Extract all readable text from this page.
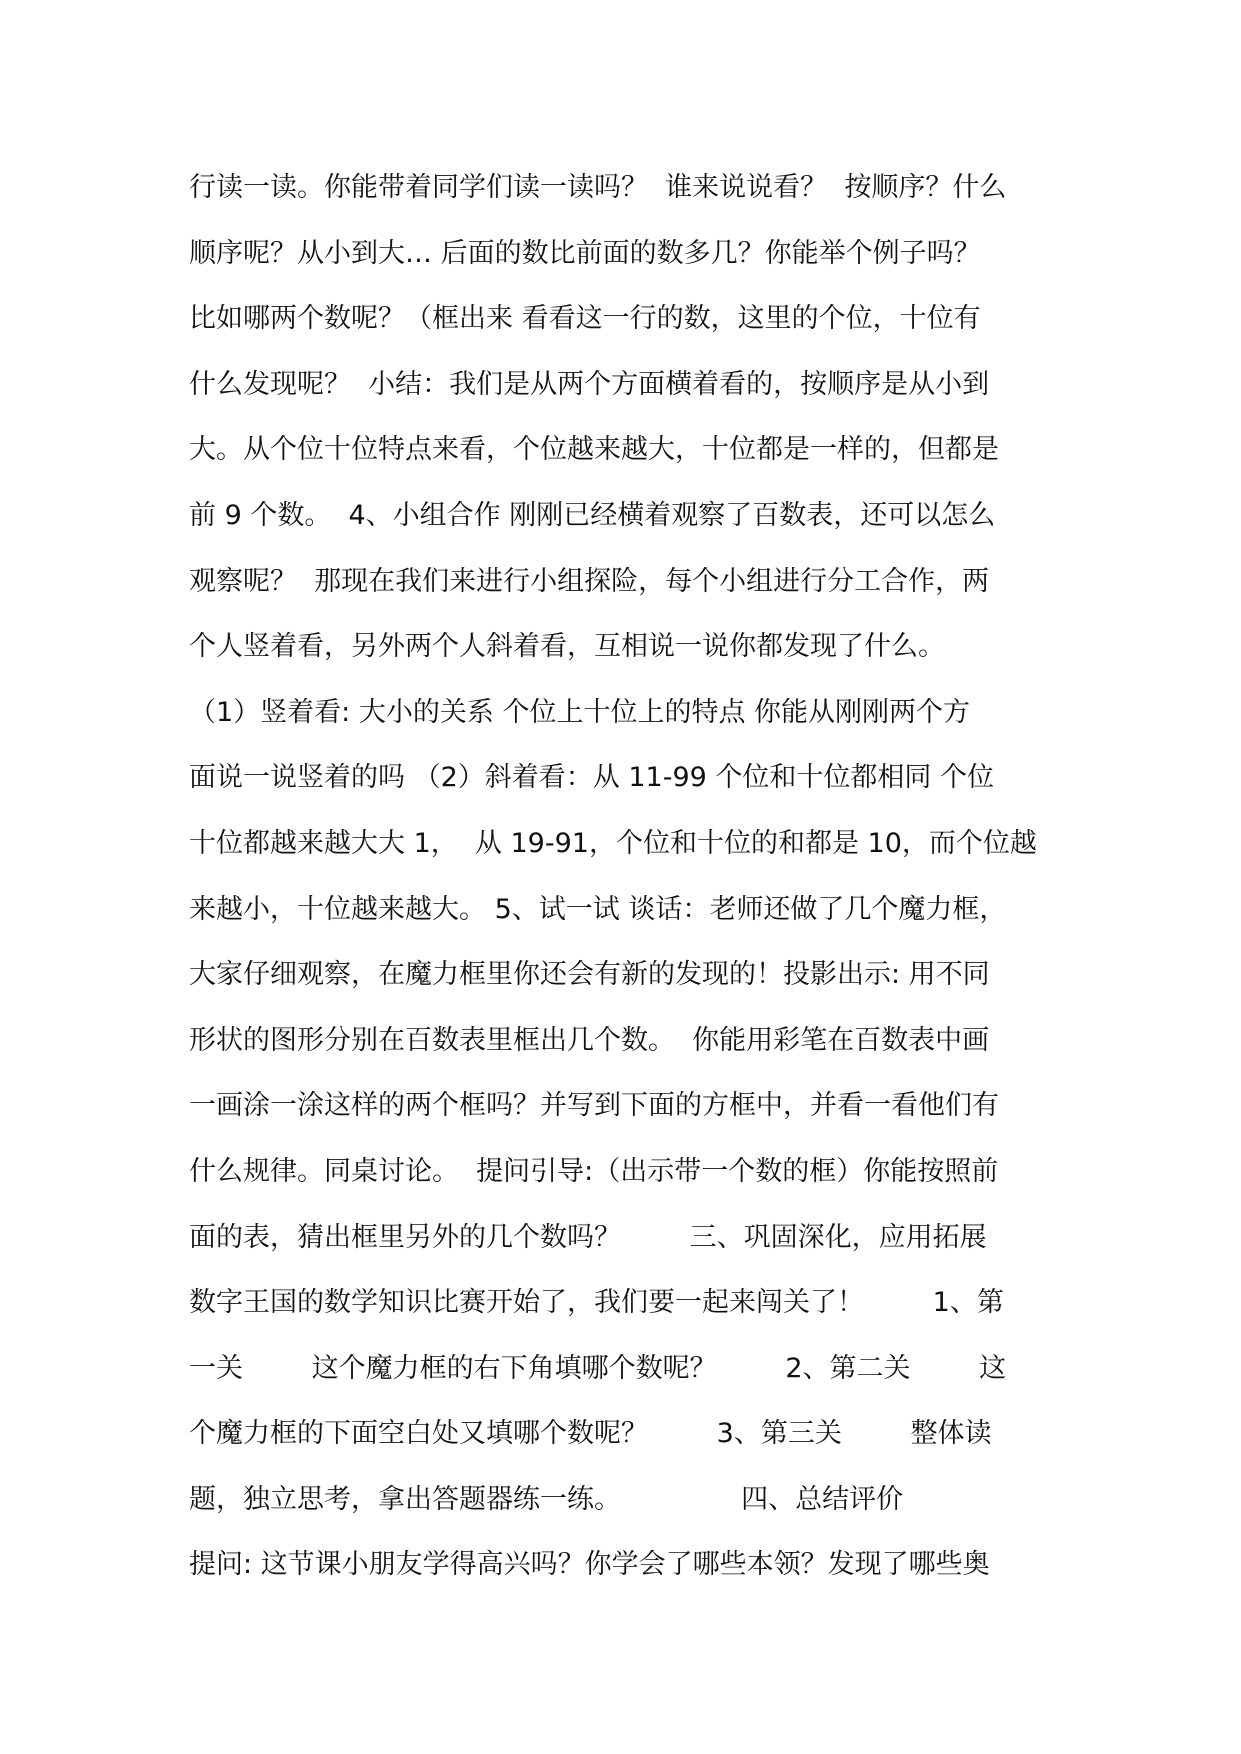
行读一读。你能带着同学们读一读吗？  谁来说说看？  按顺序？什么
顺序呢？从小到大… 后面的数比前面的数多几？你能举个例子吗？
比如哪两个数呢？（框出来 看看这一行的数，这里的个位，十位有
什么发现呢？  小结：我们是从两个方面横着看的，按顺序是从小到
大。从个位十位特点来看，个位越来越大，十位都是一样的，但都是
前 9 个数。  4、小组合作 刚刚已经横着观察了百数表，还可以怎么
观察呢？  那现在我们来进行小组探险，每个小组进行分工合作，两
个人竖着看，另外两个人斜着看，互相说一说你都发现了什么。
（1）竖着看: 大小的关系 个位上十位上的特点 你能从刚刚两个方
面说一说竖着的吗 （2）斜着看：从 11-99 个位和十位都相同 个位
十位都越来越大大 1，  从 19-91，个位和十位的和都是 10，而个位越
来越小，十位越来越大。 5、试一试 谈话：老师还做了几个魔力框，
大家仔细观察，在魔力框里你还会有新的发现的！投影出示: 用不同
形状的图形分别在百数表里框出几个数。  你能用彩笔在百数表中画
一画涂一涂这样的两个框吗？并写到下面的方框中，并看一看他们有
什么规律。同桌讨论。  提问引导:（出示带一个数的框）你能按照前
面的表，猜出框里另外的几个数吗？        三、巩固深化，应用拓展
数字王国的数学知识比赛开始了，我们要一起来闯关了！        1、第
一关        这个魔力框的右下角填哪个数呢？        2、第二关        这
个魔力框的下面空白处又填哪个数呢？        3、第三关        整体读
题，独立思考，拿出答题器练一练。              四、总结评价
提问: 这节课小朋友学得高兴吗？你学会了哪些本领？发现了哪些奥
